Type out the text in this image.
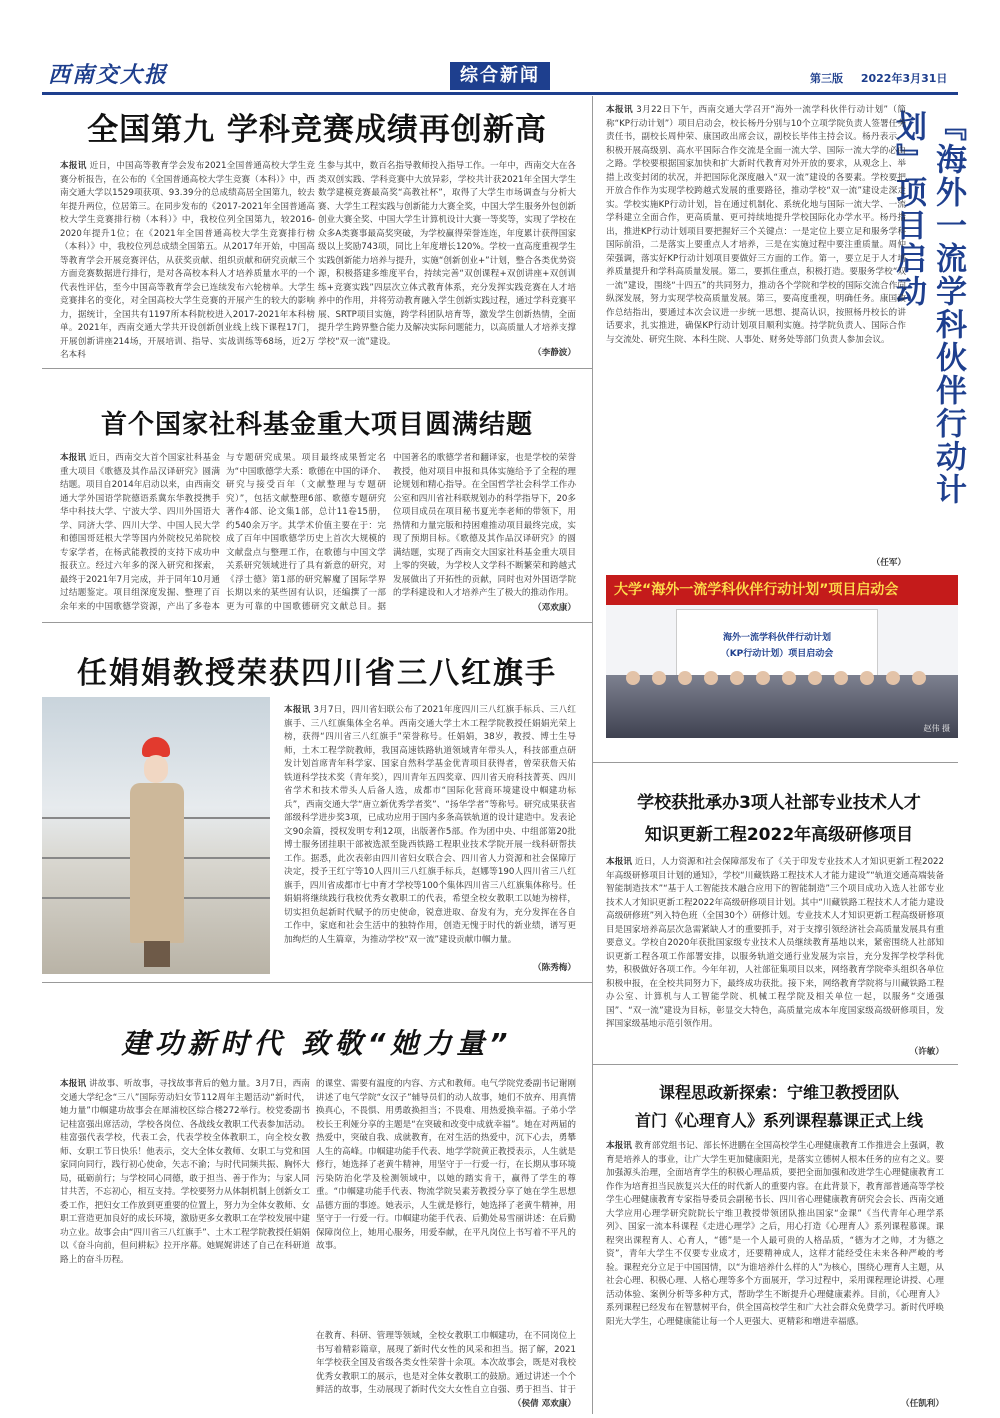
西南交大报	综合新闻	第三版 2022年3月31日
全国第九 学科竞赛成绩再创新高
本报讯 近日，中国高等教育学会发布2021全国普通高校大学生竞赛分析报告，在公布的《全国普通高校大学生竞赛（本科）》中，西南交通大学以1529项获项、93.39分的总成绩高居全国第九，较去年提升两位，位居第三。在同步发布的《2017-2021年全国普通高校大学生竞赛排行榜（本科）》中，我校位列全国第九，较2016-2020年提升1位；在《2021年全国普通高校大学生竞赛排行榜（本科）》中，我校位列总成绩全国第五。从2017年开始，中国高等教育学会开展竞赛评估，从获奖贡献、组织贡献和研究贡献三个方面竞赛数据进行排行，是对各高校本科人才培养质量水平的一个代表性评估，至今中国高等教育学会已连续发布六轮榜单。大学生竞赛排名的变化，对全国高校大学生竞赛的开展产生的较大的影响力，据统计，全国共有1197所本科院校进入2017-2021年本科榜单。2021年，西南交通大学共开设创新创业线上线下课程17门，开展创新讲座214场，开展培训、指导、实战训练等68场，近2万名本科
生参与其中，数百名指导教师投入指导工作。一年中，西南交大在各类双创实践、学科竞赛中大放异彩，学校共计获2021年全国大学生数学建模竞赛最高奖“高教社杯”，取得了大学生市场调查与分析大赛、大学生工程实践与创新能力大赛全奖，中国大学生服务外包创新创业大赛全奖、中国大学生计算机设计大赛一等奖等，实现了学校在众多A类赛事最高奖突破，为学校赢得荣誉连连，年度累计获得国家级以上奖励743项，同比上年度增长120%。学校一直高度重视学生实践创新能力培养与提升，实施“创新创业+”计划，整合各类优势资源，积极搭建多维度平台，持续完善“双创课程+双创讲座+双创训练+竞赛实践”四层次立体式教育体系，充分发挥实践竞赛在人才培养中的作用，并将劳动教育融入学生创新实践过程，通过学科竞赛平展、SRTP项目实施，跨学科团队培育等，激发学生创新热情，全面提升学生跨界整合能力及解决实际问题能力，以高质量人才培养支撑学校“双一流”建设。
（李静波）
首个国家社科基金重大项目圆满结题
本报讯 近日，西南交大首个国家社科基金重大项目《歌德及其作品汉译研究》圆满结题。项目自2014年启动以来，由西南交通大学外国语学院德语系冀东华教授携手华中科技大学、宁波大学、四川外国语大学、同济大学、四川大学、中国人民大学和德国哥廷根大学等国内外院校兄弟院校专家学者，在杨武能教授的支持下成功申报获立。经过六年多的深入研究和探索，最终于2021年7月完成，并于同年10月通过结题鉴定。项目组深度发掘、整理了百余年来的中国歌德学资源，产出了多卷本
与专题研究成果。项目最终成果暂定名为“中国歌德学大系：歌德在中国的译介、研究与接受百年（文献整理与专题研究）”，包括文献整理6部、歌德专题研究著作4部、论文集1部，总计11卷15册，约540余万字。其学术价值主要在于：完成了百年中国歌德学历史上首次大规模的文献盘点与整理工作，在歌德与中国文学关系研究领域进行了具有新意的研究，对《浮士德》第1部的研究解魔了国际学界长期以来的某些固有认识，还编撰了一部更为可靠的中国歌德研究文献总目。据
中国著名的歌德学者和翻译家，也是学校的荣誉教授，他对项目申报和具体实施给予了全程的理论规划和精心指导。在全国哲学社会科学工作办公室和四川省社科联规划办的科学指导下，20多位项目成员在项目秘书夏光李老师的带领下，用热情和力量完版和持困难推动项目最终完成，实现了预期目标。《歌德及其作品汉译研究》的圆满结题，实现了西南交大国家社科基金重大项目上零的突破，为学校人文学科不断繁荣和跨越式发展做出了开拓性的贡献，同时也对外国语学院的学科建设和人才培养产生了极大的推动作用。
（邓欢康）
任娟娟教授荣获四川省三八红旗手
本报讯 3月7日，四川省妇联公布了2021年度四川三八红旗手标兵、三八红旗手、三八红旗集体全名单。西南交通大学土木工程学院教授任娟娟光荣上榜，获得“四川省三八红旗手”荣誉称号。任娟娟，38岁，教授、博士生导师，土木工程学院教师，我国高速铁路轨道领域青年带头人，科技部重点研发计划首席青年科学家、国家自然科学基金优青项目获得者，曾荣获詹天佑铁道科学技术奖（青年奖），四川青年五四奖章、四川省天府科技菁英、四川省学术和技术带头人后备人选，成都市“国际化营商环境建设中帼建功标兵”，西南交通大学“唐立新优秀学者奖”、“扬华学者”等称号。研究成果获省部级科学进步奖3项，已成功应用于国内多条高铁轨道的设计建造中。发表论文90余篇，授权发明专利12项，出版著作5部。作为团中央、中组部第20批博士服务团挂职干部被选派至陇西铁路工程职业技术学院开展一线科研帮扶工作。据悉，此次表彰由四川省妇女联合会、四川省人力资源和社会保障厅决定，授予王红宁等10人四川三八红旗手标兵，赵娜等190人四川省三八红旗手，四川省成都市七中育才学校等100个集体四川省三八红旗集体称号。任娟娟将继续践行我校优秀女教职工的代表，希望全校女教职工以她为榜样，切实担负起新时代赋予的历史使命，锐意进取、奋发有为，充分发挥在各自工作中，家庭和社会生活中的独特作用，创造无愧于时代的新业绩，谱写更加绚烂的人生篇章，为推动学校“双一流”建设贡献巾帼力量。
（陈秀梅）
建功新时代 致敬“她力量”
本报讯 讲故事、听故事，寻找故事背后的勉力量。3月7日，西南交通大学纪念“三八”国际劳动妇女节112周年主题活动“新时代，她力量”巾帼建功故事会在犀浦校区综合楼272举行。校党委副书记桂富强出席活动，学校各岗位、各战线女教职工代表参加活动。桂富强代表学校，代表工会，代表学校全体教职工，向全校女教师、女职工节日快乐！他表示，交大全体女教师、女职工与党和国家同向同行，践行初心使命，矢志不渝；与时代同频共振、胸怀大局，砥砺前行；与学校同心同德，敢于担当、善于作为；与家人同甘共苦，不忘初心，相互支持。学校要努力从体制机制上创新女工委工作，把妇女工作放到更重要的位置上，努力为全体女教师、女职工营造更加良好的成长环境，激励更多女教职工在学校发展中建功立业。故事会由“四川省三八红旗手”、土木工程学院教授任娟娟以《奋斗向前，但问耕耘》拉开序幕。她娓娓讲述了自己在科研道路上的奋斗历程。
的课堂、需要有温度的内容、方式和教师。电气学院党委副书记谢刚讲述了电气学院“女汉子”辅导员们的动人故事，她们不放弃、用真情换真心，不畏惧、用勇敢换担当；不畏难、用热爱换幸福。子弟小学校长王利娅分享的主题是“在突破和改变中成就幸福”。她在对两届的热爱中，突破自我、成就教育，在对生活的热爱中，沉下心去，勇攀人生的高峰。巾帼建功能手代表、地学学院黄正教授表示，人生就是修行，她选择了老黄牛精神，用坚守于一行爱一行，在长期从事环境污染防治化学及检测领域中，以她的踏实肯干，赢得了学生的尊重。“巾帼建功能手代表、物流学院吴素芳教授分享了她在学生思想品德方面的事迹。她表示，人生就是修行，她选择了老黄牛精神，用坚守于一行爱一行。巾帼建功能手代表、后勤处易雪丽讲述：在后勤保障岗位上，她用心服务，用爱奉献，在平凡岗位上书写着不平凡的故事。
在教育、科研、管理等领域，全校女教职工巾帼建功，在不同岗位上书写着精彩篇章，展现了新时代女性的风采和担当。据了解，2021年学校获全国及省级各类女性荣誉十余项。本次故事会，既是对我校优秀女教职工的展示，也是对全体女教职工的鼓励。通过讲述一个个鲜活的故事，生动展现了新时代交大女性自立自强、勇于担当、甘于
（侯倩 邓欢康）
『海外一流学科伙伴行动计划』项目启动
本报讯 3月22日下午，西南交通大学召开“海外一流学科伙伴行动计划”（简称“KP行动计划”）项目启动会，校长杨丹分别与10个立项学院负责人签署任务责任书，副校长周仲荣、康国政出席会议，副校长毕伟主持会议。杨丹表示，积极开展高级别、高水平国际合作交流是全面一流大学、国际一流大学的必由之路。学校要根据国家加快和扩大新时代教育对外开放的要求，从观念上、举措上改变封闭的状况，并把国际化深度融入“双一流”建设的各要素。学校要把开放合作作为实现学校跨越式发展的重要路径，推动学校“双一流”建设走深走实。学校实施KP行动计划，旨在通过机制化、系统化地与国际一流大学、一流学科建立全面合作，更高质量、更可持续地提升学校国际化办学水平。杨丹指出，推进KP行动计划项目要把握好三个关键点：一是定位上要立足和服务学科国际前沿，二是落实上要重点人才培养，三是在实施过程中要注重质量。周仲荣强调，落实好KP行动计划项目要做好三方面的工作。第一，要立足于人才培养质量提升和学科高质量发展。第二，要抓住重点，积极打造。要服务学校“双一流”建设，围绕“十四五”的共同努力，推动各个学院和学校的国际交流合作向纵深发展，努力实现学校高质量发展。第三，要高度重视，明确任务。康国政作总结指出，要通过本次会议进一步统一思想、提高认识，按照杨丹校长的讲话要求，扎实推进，确保KP行动计划项目顺利实施。持学院负责人、国际合作与交流处、研究生院、本科生院、人事处、财务处等部门负责人参加会议。
（任军）
大学“海外一流学科伙伴行动计划”项目启动会
海外一流学科伙伴行动计划
（KP行动计划）项目启动会
赵伟 摄
学校获批承办3项人社部专业技术人才
知识更新工程2022年高级研修项目
本报讯 近日，人力资源和社会保障部发布了《关于印发专业技术人才知识更新工程2022年高级研修项目计划的通知》，学校“川藏铁路工程技术人才能力建设”“轨道交通高端装备智能制造技术”“基于人工智能技术融合应用下的智能制造”三个项目成功入选人社部专业技术人才知识更新工程2022年高级研修项目计划。其中“川藏铁路工程技术人才能力建设高级研修班”列入特色班（全国30个）研修计划。专业技术人才知识更新工程高级研修项目是国家培养高层次急需紧缺人才的重要抓手，对于支撑引领经济社会高质量发展具有重要意义。学校自2020年获批国家级专业技术人员继续教育基地以来，紧密围绕人社部知识更新工程各项工作部署安排，以服务轨道交通行业发展为宗旨，充分发挥学校学科优势，积极做好各项工作。今年年初，人社部征集项目以来，网络教育学院牵头组织各单位积极申报，在全校共同努力下，最终成功获批。接下来，网络教育学院将与川藏铁路工程办公室、计算机与人工智能学院、机械工程学院及相关单位一起，以服务“交通强国”、“双一流”建设为目标，彰显交大特色，高质量完成本年度国家级高级研修项目，发挥国家级基地示范引领作用。
（许敏）
课程思政新探索：宁维卫教授团队
首门《心理育人》系列课程慕课正式上线
本报讯 教育部党组书记、部长怀进鹏在全国高校学生心理健康教育工作推进会上强调，教育是培养人的事业，让广大学生更加健康阳光，是落实立德树人根本任务的应有之义。要加强源头治理，全面培育学生的积极心理品质，要把全面加强和改进学生心理健康教育工作作为培育担当民族复兴大任的时代新人的重要内容。在此背景下，教育部普通高等学校学生心理健康教育专家指导委员会副秘书长、四川省心理健康教育研究会会长、西南交通大学应用心理学研究院院长宁维卫教授带领团队推出国家“金课”《当代青年心理学系列》、国家一流本科课程《走进心理学》之后，用心打造《心理育人》系列课程慕课。课程突出课程育人、心育人，“德”是一个人最可贵的人格品质，“德为才之帅，才为德之资”，青年大学生不仅要专业成才，还要精神成人，这样才能经受住未来各种严峻的考验。课程充分立足于中国国情，以“为谁培养什么样的人”为核心，围绕心理育人主题，从社会心理、积极心理、人格心理等多个方面展开，学习过程中，采用课程理论讲授、心理活动体验、案例分析等多种方式，帮助学生不断提升心理健康素养。目前，《心理育人》系列课程已经发布在智慧树平台，供全国高校学生和广大社会群众免费学习。新时代呼唤阳光大学生，心理健康能让每一个人更强大、更精彩和增进幸福感。
（任凯利）
